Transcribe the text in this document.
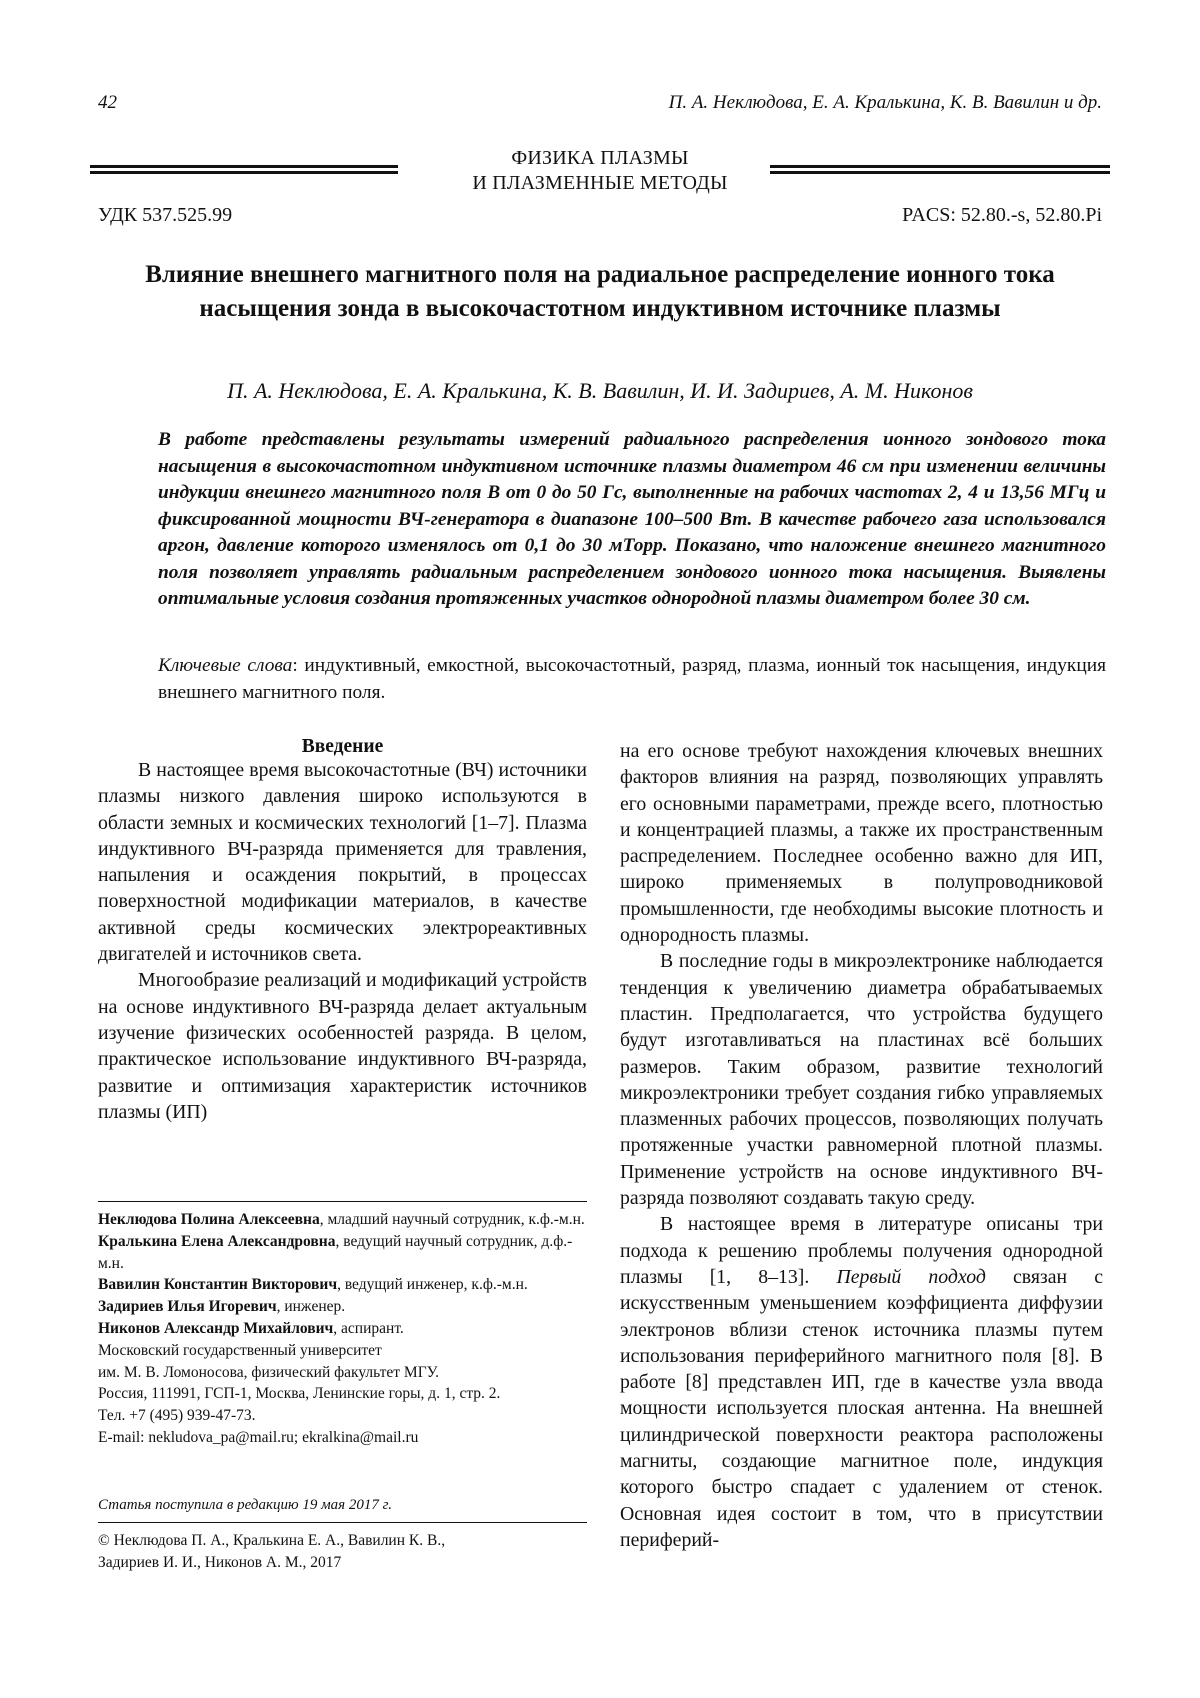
42	П. А. Неклюдова, Е. А. Кралькина, К. В. Вавилин и др.
ФИЗИКА ПЛАЗМЫ
И ПЛАЗМЕННЫЕ МЕТОДЫ
УДК 537.525.99	PACS: 52.80.-s, 52.80.Pi
Влияние внешнего магнитного поля на радиальное распределение ионного тока насыщения зонда в высокочастотном индуктивном источнике плазмы
П. А. Неклюдова, Е. А. Кралькина, К. В. Вавилин, И. И. Задириев, А. М. Никонов
В работе представлены результаты измерений радиального распределения ионного зондового тока насыщения в высокочастотном индуктивном источнике плазмы диаметром 46 см при изменении величины индукции внешнего магнитного поля B от 0 до 50 Гс, выполненные на рабочих частотах 2, 4 и 13,56 МГц и фиксированной мощности ВЧ-генератора в диапазоне 100–500 Вт. В качестве рабочего газа использовался аргон, давление которого изменялось от 0,1 до 30 мТорр. Показано, что наложение внешнего магнитного поля позволяет управлять радиальным распределением зондового ионного тока насыщения. Выявлены оптимальные условия создания протяженных участков однородной плазмы диаметром более 30 см.
Ключевые слова: индуктивный, емкостной, высокочастотный, разряд, плазма, ионный ток насыщения, индукция внешнего магнитного поля.
Введение

В настоящее время высокочастотные (ВЧ) источники плазмы низкого давления широко используются в области земных и космических технологий [1–7]. Плазма индуктивного ВЧ-разряда применяется для травления, напыления и осаждения покрытий, в процессах поверхностной модификации материалов, в качестве активной среды космических электрореактивных двигателей и источников света.

Многообразие реализаций и модификаций устройств на основе индуктивного ВЧ-разряда делает актуальным изучение физических особенностей разряда. В целом, практическое использование индуктивного ВЧ-разряда, развитие и оптимизация характеристик источников плазмы (ИП)

на его основе требуют нахождения ключевых внешних факторов влияния на разряд, позволяющих управлять его основными параметрами, прежде всего, плотностью и концентрацией плазмы, а также их пространственным распределением. Последнее особенно важно для ИП, широко применяемых в полупроводниковой промышленности, где необходимы высокие плотность и однородность плазмы.

В последние годы в микроэлектронике наблюдается тенденция к увеличению диаметра обрабатываемых пластин. Предполагается, что устройства будущего будут изготавливаться на пластинах всё больших размеров. Таким образом, развитие технологий микроэлектроники требует создания гибко управляемых плазменных рабочих процессов, позволяющих получать протяженные участки равномерной плотной плазмы. Применение устройств на основе индуктивного ВЧ-разряда позволяют создавать такую среду.

В настоящее время в литературе описаны три подхода к решению проблемы получения однородной плазмы [1, 8–13]. Первый подход связан с искусственным уменьшением коэффициента диффузии электронов вблизи стенок источника плазмы путем использования периферийного магнитного поля [8]. В работе [8] представлен ИП, где в качестве узла ввода мощности используется плоская антенна. На внешней цилиндрической поверхности реактора расположены магниты, создающие магнитное поле, индукция которого быстро спадает с удалением от стенок. Основная идея состоит в том, что в присутствии периферий-

Неклюдова Полина Алексеевна, младший научный сотрудник, к.ф.-м.н.

Кралькина Елена Александровна, ведущий научный сотрудник, д.ф.-м.н.

Вавилин Константин Викторович, ведущий инженер, к.ф.-м.н.

Задириев Илья Игоревич, инженер.

Никонов Александр Михайлович, аспирант.

Московский государственный университет

им. М. В. Ломоносова, физический факультет МГУ.

Россия, 111991, ГСП-1, Москва, Ленинские горы, д. 1, стр. 2.

Тел. +7 (495) 939-47-73.

E-mail: nekludova_pa@mail.ru; ekralkina@mail.ru

Статья поступила в редакцию 19 мая 2017 г.

© Неклюдова П. А., Кралькина Е. А., Вавилин К. В.,

Задириев И. И., Никонов А. М., 2017
